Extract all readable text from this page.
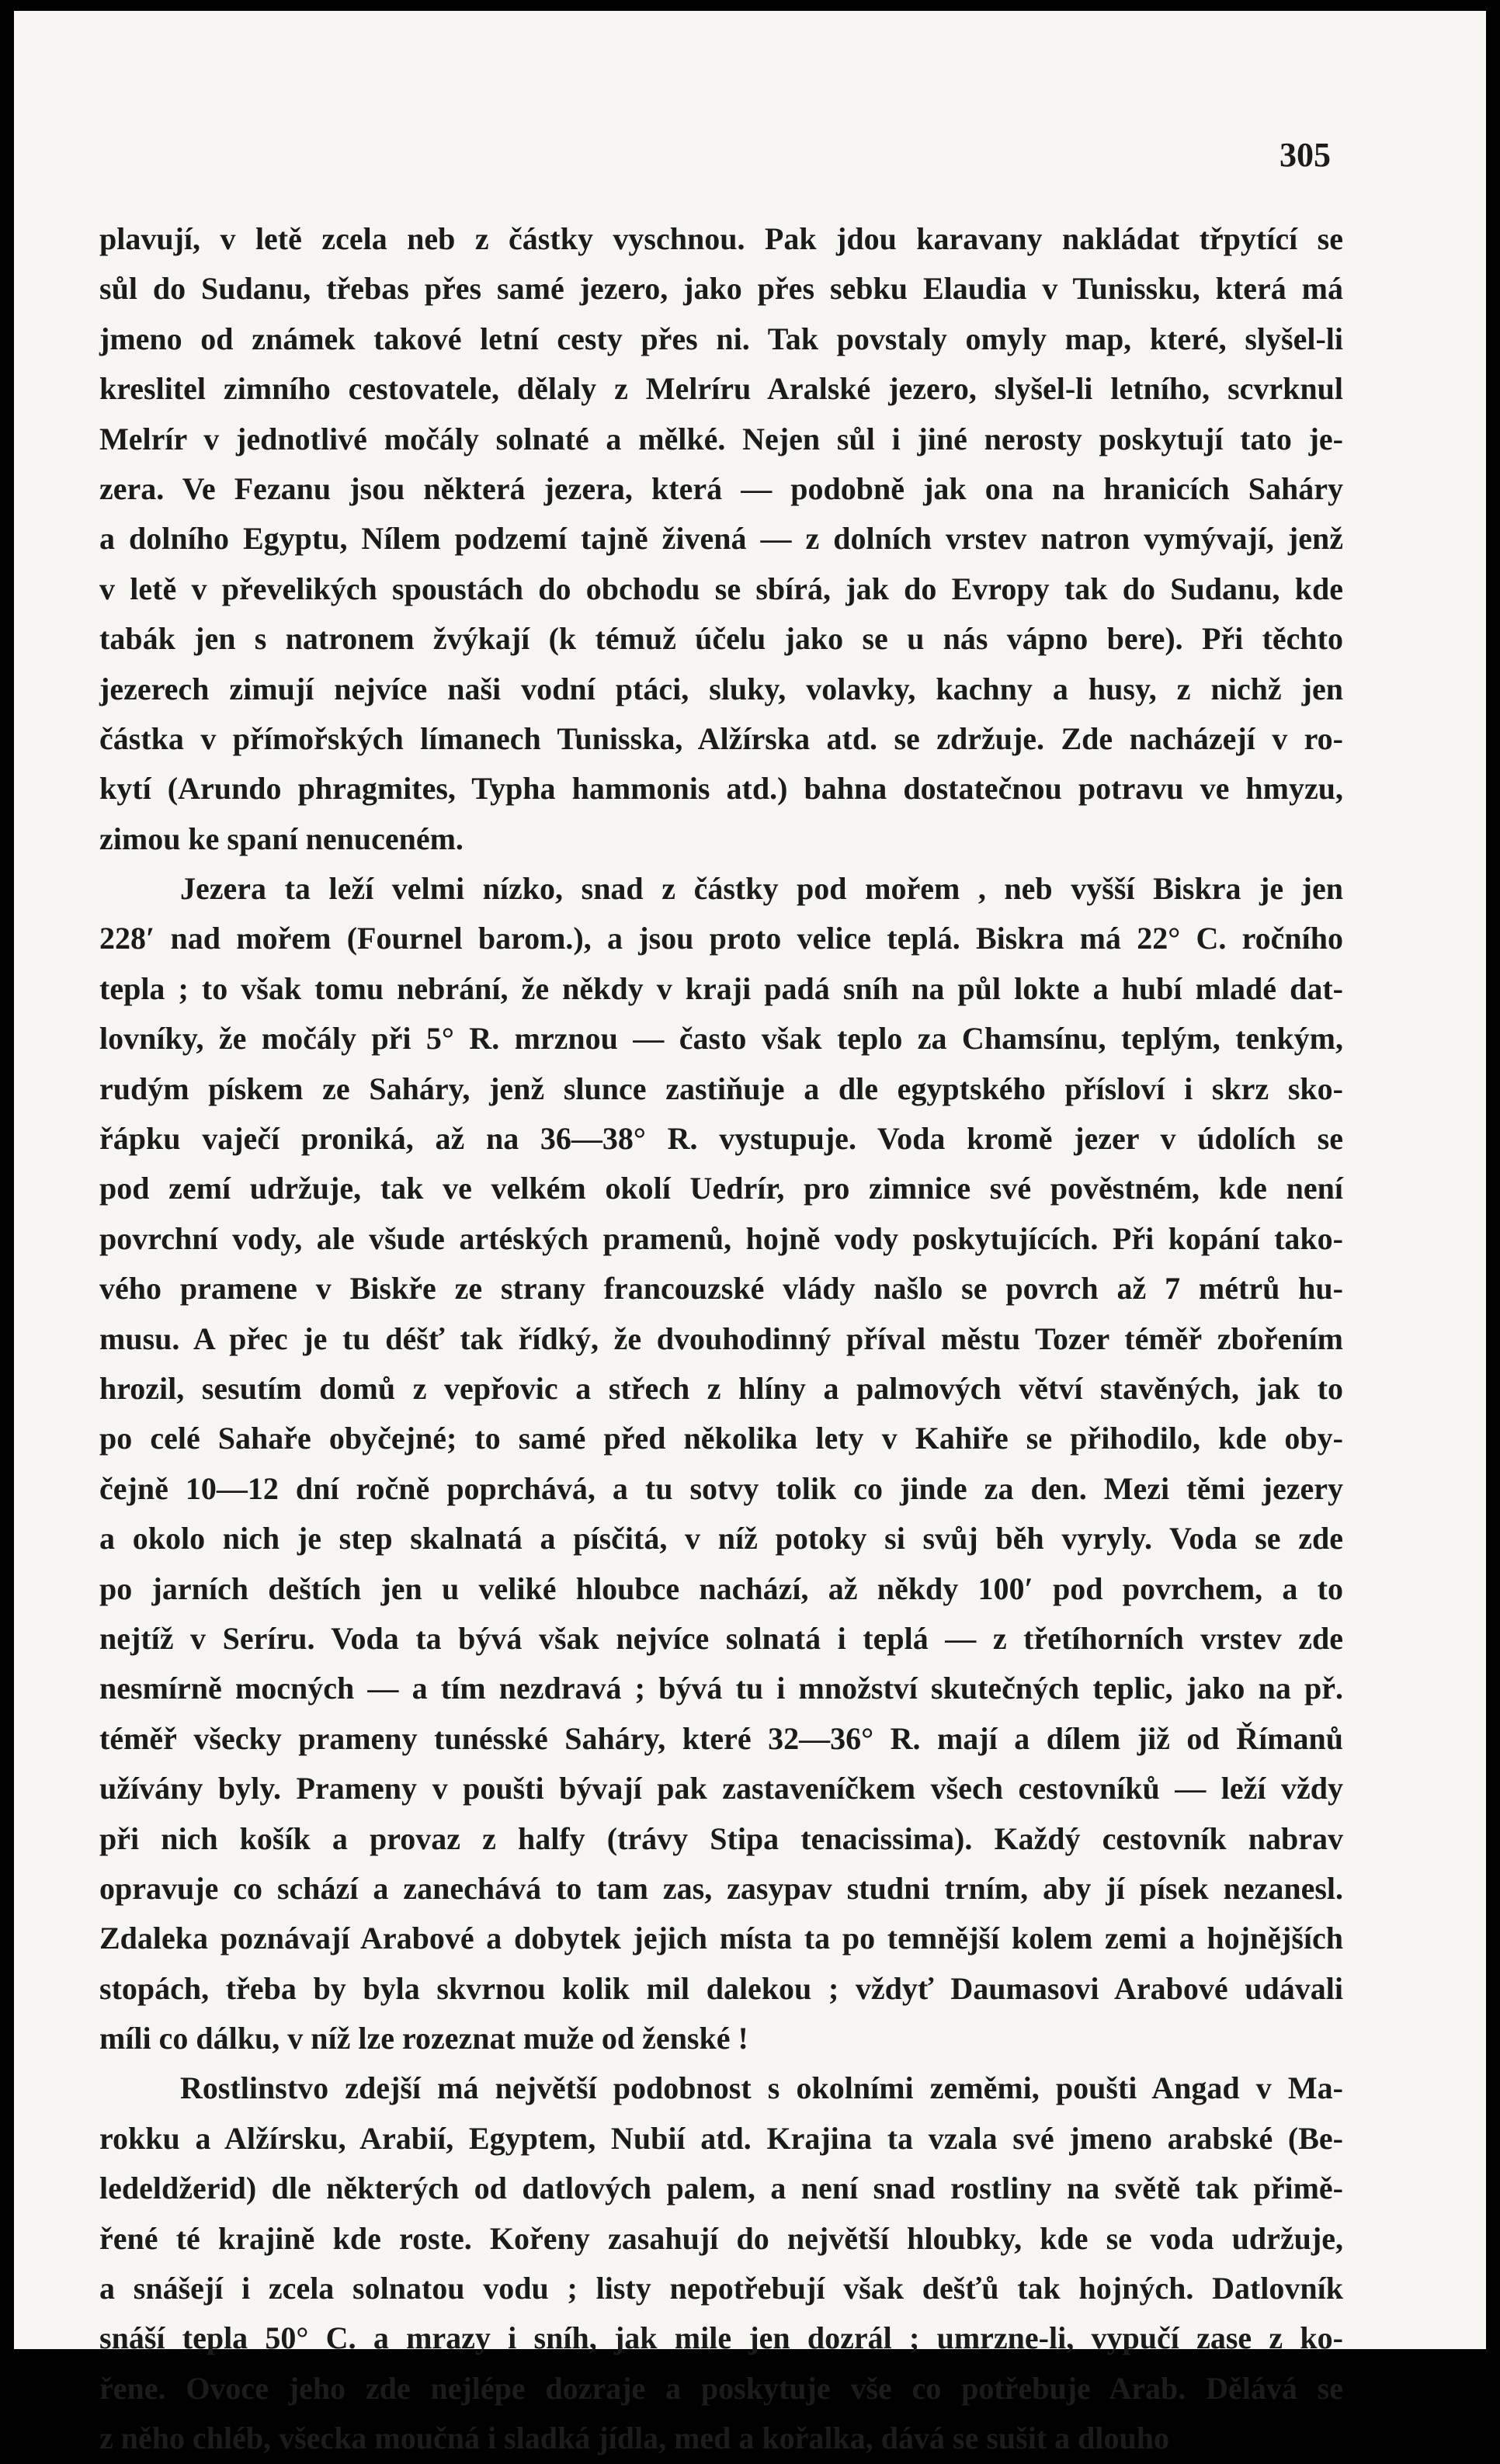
305
plavují, v letě zcela neb z částky vyschnou. Pak jdou karavany nakládat třpytící se
sůl do Sudanu, třebas přes samé jezero, jako přes sebku Elaudia v Tunissku, která má
jmeno od známek takové letní cesty přes ni. Tak povstaly omyly map, které, slyšel-li
kreslitel zimního cestovatele, dělaly z Melríru Aralské jezero, slyšel-li letního, scvrknul
Melrír v jednotlivé močály solnaté a mělké. Nejen sůl i jiné nerosty poskytují tato je-
zera. Ve Fezanu jsou některá jezera, která — podobně jak ona na hranicích Saháry
a dolního Egyptu, Nílem podzemí tajně živená — z dolních vrstev natron vymývají, jenž
v letě v převelikých spoustách do obchodu se sbírá, jak do Evropy tak do Sudanu, kde
tabák jen s natronem žvýkají (k témuž účelu jako se u nás vápno bere). Při těchto
jezerech zimují nejvíce naši vodní ptáci, sluky, volavky, kachny a husy, z nichž jen
částka v přímořských límanech Tunisska, Alžírska atd. se zdržuje. Zde nacházejí v ro-
kytí (Arundo phragmites, Typha hammonis atd.) bahna dostatečnou potravu ve hmyzu,
zimou ke spaní nenuceném.
Jezera ta leží velmi nízko, snad z částky pod mořem , neb vyšší Biskra je jen
228′ nad mořem (Fournel barom.), a jsou proto velice teplá. Biskra má 22° C. ročního
tepla ; to však tomu nebrání, že někdy v kraji padá sníh na půl lokte a hubí mladé dat-
lovníky, že močály při 5° R. mrznou — často však teplo za Chamsínu, teplým, tenkým,
rudým pískem ze Saháry, jenž slunce zastiňuje a dle egyptského přísloví i skrz sko-
řápku vaječí proniká, až na 36—38° R. vystupuje. Voda kromě jezer v údolích se
pod zemí udržuje, tak ve velkém okolí Uedrír, pro zimnice své pověstném, kde není
povrchní vody, ale všude artéských pramenů, hojně vody poskytujících. Při kopání tako-
vého pramene v Biskře ze strany francouzské vlády našlo se povrch až 7 métrů hu-
musu. A přec je tu déšť tak řídký, že dvouhodinný příval městu Tozer téměř zbořením
hrozil, sesutím domů z vepřovic a střech z hlíny a palmových větví stavěných, jak to
po celé Sahaře obyčejné; to samé před několika lety v Kahiře se přihodilo, kde oby-
čejně 10—12 dní ročně poprchává, a tu sotvy tolik co jinde za den. Mezi těmi jezery
a okolo nich je step skalnatá a písčitá, v níž potoky si svůj běh vyryly. Voda se zde
po jarních deštích jen u veliké hloubce nachází, až někdy 100′ pod povrchem, a to
nejtíž v Seríru. Voda ta bývá však nejvíce solnatá i teplá — z třetíhorních vrstev zde
nesmírně mocných — a tím nezdravá ; bývá tu i množství skutečných teplic, jako na př.
téměř všecky prameny tunésské Saháry, které 32—36° R. mají a dílem již od Římanů
užívány byly. Prameny v poušti bývají pak zastaveníčkem všech cestovníků — leží vždy
při nich košík a provaz z halfy (trávy Stipa tenacissima). Každý cestovník nabrav
opravuje co schází a zanechává to tam zas, zasypav studni trním, aby jí písek nezanesl.
Zdaleka poznávají Arabové a dobytek jejich místa ta po temnější kolem zemi a hojnějších
stopách, třeba by byla skvrnou kolik mil dalekou ; vždyť Daumasovi Arabové udávali
míli co dálku, v níž lze rozeznat muže od ženské !
Rostlinstvo zdejší má největší podobnost s okolními zeměmi, poušti Angad v Ma-
rokku a Alžírsku, Arabií, Egyptem, Nubií atd. Krajina ta vzala své jmeno arabské (Be-
ledeldžerid) dle některých od datlových palem, a není snad rostliny na světě tak přimě-
řené té krajině kde roste. Kořeny zasahují do největší hloubky, kde se voda udržuje,
a snášejí i zcela solnatou vodu ; listy nepotřebují však dešťů tak hojných. Datlovník
snáší tepla 50° C. a mrazy i sníh, jak mile jen dozrál ; umrzne-li, vypučí zase z ko-
řene. Ovoce jeho zde nejlépe dozraje a poskytuje vše co potřebuje Arab. Dělává se
z něho chléb, všecka moučná i sladká jídla, med a kořalka, dává se sušit a dlouho
